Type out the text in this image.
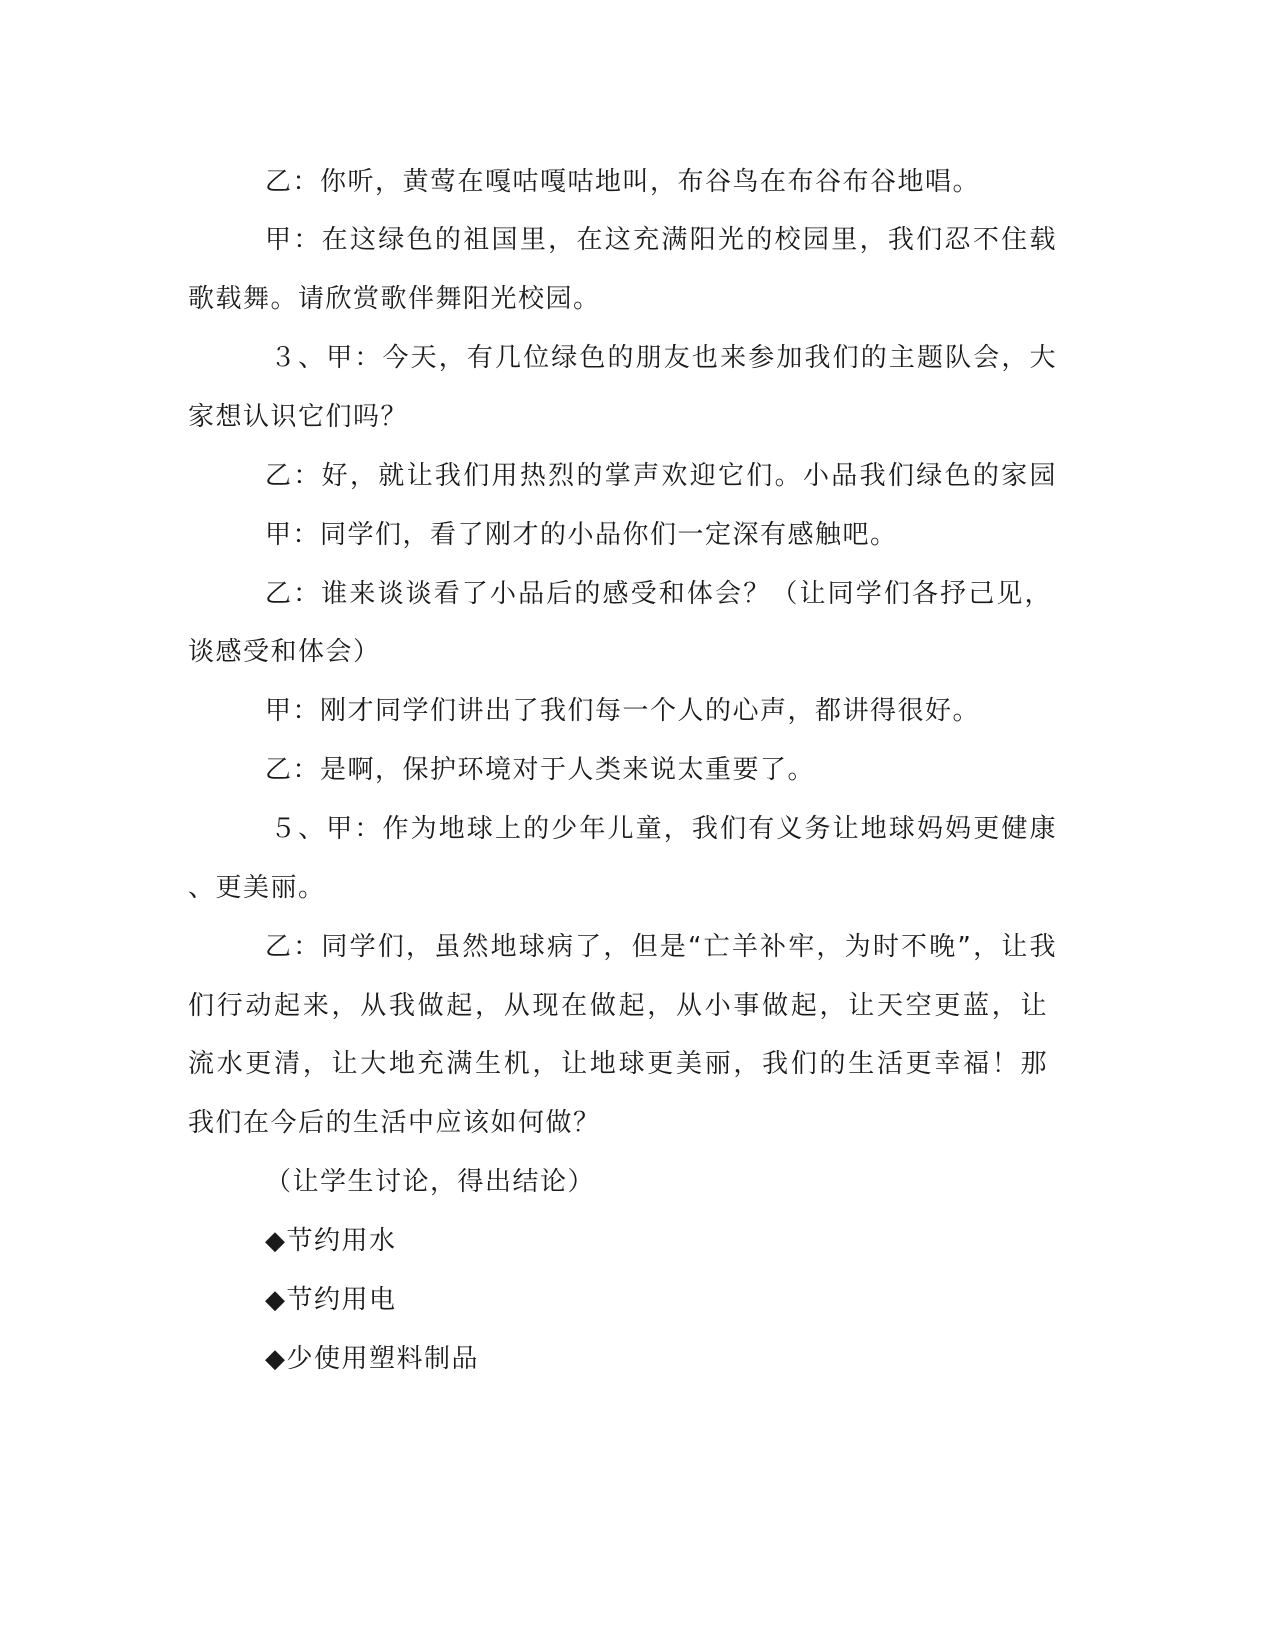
乙：你听，黄莺在嘎咕嘎咕地叫，布谷鸟在布谷布谷地唱。
甲：在这绿色的祖国里，在这充满阳光的校园里，我们忍不住载
歌载舞。请欣赏歌伴舞阳光校园。
３、甲：今天，有几位绿色的朋友也来参加我们的主题队会，大
家想认识它们吗？
乙：好，就让我们用热烈的掌声欢迎它们。小品我们绿色的家园
甲：同学们，看了刚才的小品你们一定深有感触吧。
乙：谁来谈谈看了小品后的感受和体会？（让同学们各抒己见，
谈感受和体会）
甲：刚才同学们讲出了我们每一个人的心声，都讲得很好。
乙：是啊，保护环境对于人类来说太重要了。
５、甲：作为地球上的少年儿童，我们有义务让地球妈妈更健康
、更美丽。
乙：同学们，虽然地球病了，但是“亡羊补牢，为时不晚”，让我
们行动起来，从我做起，从现在做起，从小事做起，让天空更蓝，让
流水更清，让大地充满生机，让地球更美丽，我们的生活更幸福！那
我们在今后的生活中应该如何做？
（让学生讨论，得出结论）
◆节约用水
◆节约用电
◆少使用塑料制品
